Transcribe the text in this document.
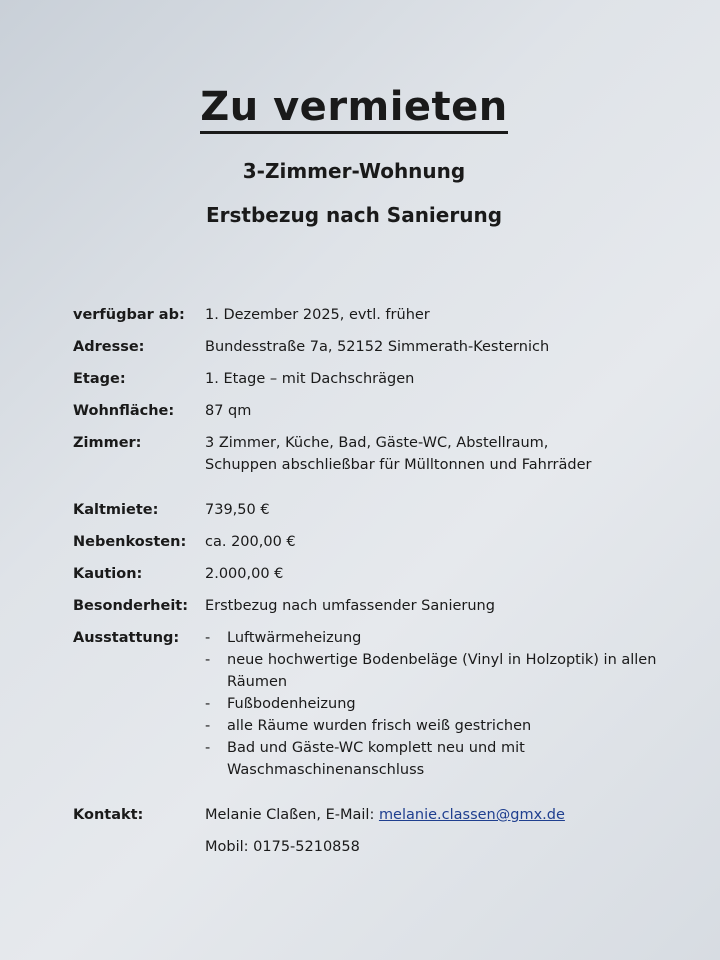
Zu vermieten
3-Zimmer-Wohnung
Erstbezug nach Sanierung
verfügbar ab:	1. Dezember 2025, evtl. früher
Adresse:	Bundesstraße 7a, 52152 Simmerath-Kesternich
Etage:	1. Etage – mit Dachschrägen
Wohnfläche:	87 qm
Zimmer:	3 Zimmer, Küche, Bad, Gäste-WC, Abstellraum,
Schuppen abschließbar für Mülltonnen und Fahrräder
Kaltmiete:	739,50 €
Nebenkosten:	ca. 200,00 €
Kaution:	2.000,00 €
Besonderheit:	Erstbezug nach umfassender Sanierung
Ausstattung:	- Luftwärmeheizung
- neue hochwertige Bodenbeläge (Vinyl in Holzoptik) in allen
Räumen
- Fußbodenheizung
- alle Räume wurden frisch weiß gestrichen
- Bad und Gäste-WC komplett neu und mit
Waschmaschinenanschluss
Kontakt:	Melanie Claßen, E-Mail: melanie.classen@gmx.de
Mobil: 0175-5210858
